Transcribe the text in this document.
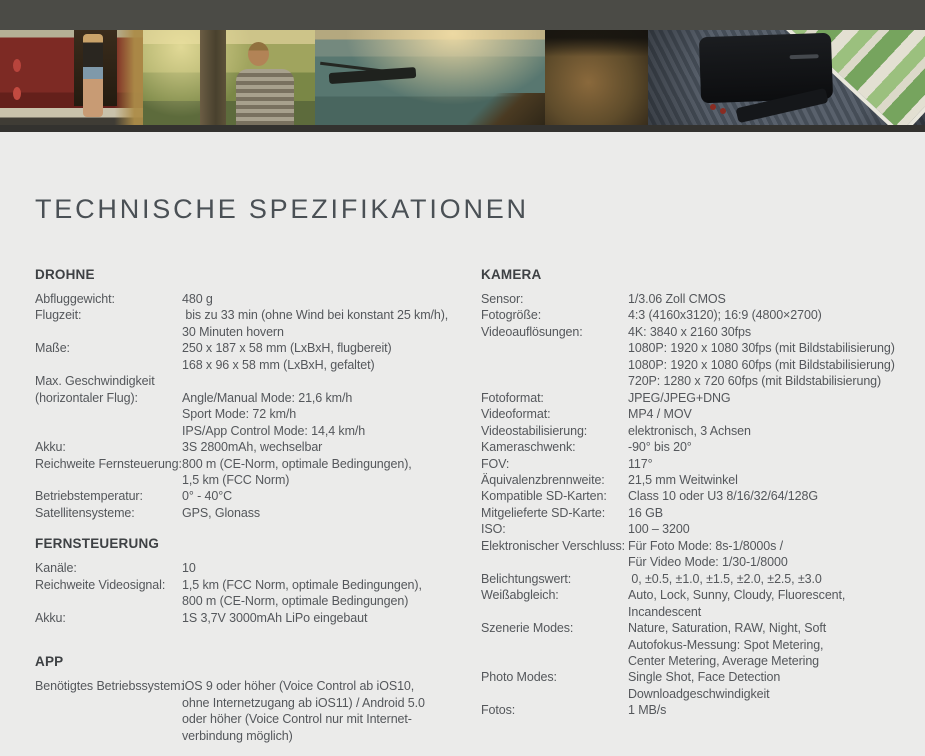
TECHNISCHE SPEZIFIKATIONEN
DROHNE
Abfluggewicht:	480 g
Flugzeit:	bis zu 33 min (ohne Wind bei konstant 25 km/h),
30 Minuten hovern
Maße:	250 x 187 x 58 mm (LxBxH, flugbereit)
168 x 96 x 58 mm (LxBxH, gefaltet)
Max. Geschwindigkeit
(horizontaler Flug):	Angle/Manual Mode: 21,6 km/h
Sport Mode: 72 km/h
IPS/App Control Mode: 14,4 km/h
Akku:	3S 2800mAh, wechselbar
Reichweite Fernsteuerung: 800 m (CE-Norm, optimale Bedingungen),
1,5 km (FCC Norm)
Betriebstemperatur:	0° - 40°C
Satellitensysteme:	GPS, Glonass
FERNSTEUERUNG
Kanäle:	10
Reichweite Videosignal:	1,5 km (FCC Norm, optimale Bedingungen),
800 m (CE-Norm, optimale Bedingungen)
Akku:	1S 3,7V 3000mAh LiPo eingebaut
APP
Benötigtes Betriebssystem:
iOS 9 oder höher (Voice Control ab iOS10,
ohne Internetzugang ab iOS11) / Android 5.0
oder höher (Voice Control nur mit Internet-
verbindung möglich)
KAMERA
Sensor:	1/3.06 Zoll CMOS
Fotogröße:	4:3 (4160x3120); 16:9 (4800×2700)
Videoauflösungen:	4K: 3840 x 2160 30fps
1080P: 1920 x 1080 30fps (mit Bildstabilisierung)
1080P: 1920 x 1080 60fps (mit Bildstabilisierung)
720P: 1280 x 720 60fps (mit Bildstabilisierung)
Fotoformat:	JPEG/JPEG+DNG
Videoformat:	MP4 / MOV
Videostabilisierung:	elektronisch, 3 Achsen
Kameraschwenk:	-90° bis 20°
FOV:	117°
Äquivalenzbrennweite:	21,5 mm Weitwinkel
Kompatible SD-Karten:	Class 10 oder U3 8/16/32/64/128G
Mitgelieferte SD-Karte:	16 GB
ISO:	100 – 3200
Elektronischer Verschluss: Für Foto Mode: 8s-1/8000s /
Für Video Mode: 1/30-1/8000
Belichtungswert:	0, ±0.5, ±1.0, ±1.5, ±2.0, ±2.5, ±3.0
Weißabgleich:	Auto, Lock, Sunny, Cloudy, Fluorescent,
Incandescent
Szenerie Modes:	Nature, Saturation, RAW, Night, Soft
Autofokus-Messung: Spot Metering,
Center Metering, Average Metering
Photo Modes:	Single Shot, Face Detection
Downloadgeschwindigkeit
Fotos:	1 MB/s
